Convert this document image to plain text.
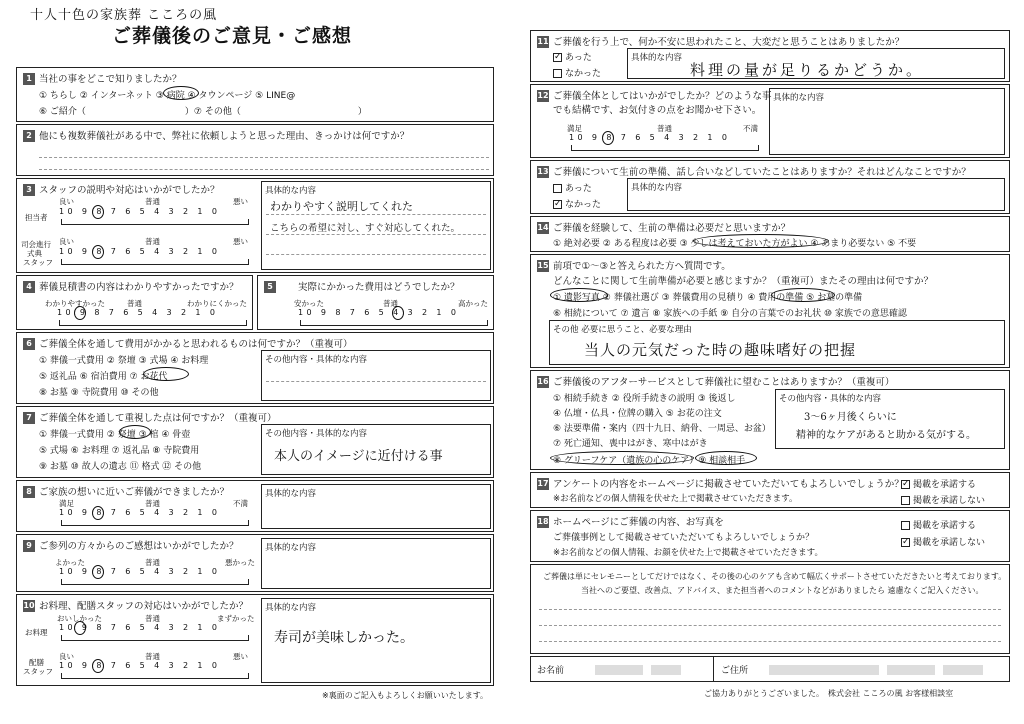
十人十色の家族葬 こころの風
ご葬儀後のご意見・ご感想
1 当社の事をどこで知りましたか？
① ちらし ② インターネット ③ 病院 ④ タウンページ ⑤ LINE@
⑥ ご紹介（　　　　　　　　　　　）⑦ その他（　　　　　　　　　　　　　）
2 他にも複数葬儀社がある中で、弊社に依頼しようと思った理由、きっかけは何ですか？
3 スタッフの説明や対応はいかがでしたか？
良い	普通	悪い
担当者
10 9 8 7 6 5 4 3 2 1 0
良い	普通	悪い
司会進行
式典
スタッフ
10 9 8 7 6 5 4 3 2 1 0
具体的な内容
わかりやすく説明してくれた
こちらの希望に対し、すぐ対応してくれた。
4 葬儀見積書の内容はわかりやすかったですか？
わかりやすかった	普通	わかりにくかった
10 9 8 7 6 5 4 3 2 1 0
5	実際にかかった費用はどうでしたか？
安かった	普通	高かった
10 9 8 7 6 5 4 3 2 1 0
6 ご葬儀全体を通して費用がかかると思われるものは何ですか？（重複可）
① 葬儀一式費用 ② 祭壇 ③ 式場 ④ お料理
⑤ 返礼品 ⑥ 宿泊費用 ⑦ お花代
⑧ お墓 ⑨ 寺院費用 ⑩ その他
その他内容・具体的な内容
7 ご葬儀全体を通して重視した点は何ですか？（重複可）
① 葬儀一式費用 ② 祭壇 ③ 棺 ④ 骨壺
⑤ 式場 ⑥ お料理 ⑦ 返礼品 ⑧ 寺院費用
⑨ お墓 ⑩ 故人の遺志 ⑪ 格式 ⑫ その他
その他内容・具体的な内容
本人のイメージに近付ける事
8 ご家族の想いに近いご葬儀ができましたか？
満足	普通	不満
10 9 8 7 6 5 4 3 2 1 0
具体的な内容
9 ご参列の方々からのご感想はいかがでしたか？
よかった	普通	悪かった
10 9 8 7 6 5 4 3 2 1 0
具体的な内容
10 お料理、配膳スタッフの対応はいかがでしたか？
おいしかった	普通	まずかった
お料理
10 9 8 7 6 5 4 3 2 1 0
良い	普通	悪い
配膳
スタッフ
10 9 8 7 6 5 4 3 2 1 0
具体的な内容
寿司が美味しかった。
※裏面のご記入もよろしくお願いいたします。
11 ご葬儀を行う上で、何か不安に思われたこと、大変だと思うことはありましたか？
✓ あった
なかった
具体的な内容
料理の量が足りるかどうか。
12 ご葬儀全体としてはいかがでしたか？どのような事
でも結構です、お気付きの点をお聞かせ下さい。
満足	普通	不満
10 9 8 7 6 5 4 3 2 1 0
具体的な内容
13 ご葬儀について生前の準備、話し合いなどしていたことはありますか？それはどんなことですか？
あった
✓ なかった
具体的な内容
14 ご葬儀を経験して、生前の準備は必要だと思いますか？
① 絶対必要 ② ある程度は必要 ③ 少しは考えておいた方がよい ④ あまり必要ない ⑤ 不要
15 前項で①～③と答えられた方へ質問です。
どんなことに関して生前準備が必要と感じますか？（重複可）またその理由は何ですか？
① 遺影写真 ② 葬儀社選び ③ 葬儀費用の見積り ④ 費用の準備 ⑤ お墓の準備
⑥ 相続について ⑦ 遺言 ⑧ 家族への手紙 ⑨ 自分の言葉でのお礼状 ⑩ 家族での意思確認
その他 必要に思うこと、必要な理由
当人の元気だった時の趣味嗜好の把握
16 ご葬儀後のアフターサービスとして葬儀社に望むことはありますか？（重複可）
① 相続手続き ② 役所手続きの説明 ③ 後返し
④ 仏壇・仏具・位牌の購入 ⑤ お花の注文
⑥ 法要準備・案内（四十九日、納骨、一周忌、お盆）
⑦ 死亡通知、喪中はがき、寒中はがき
⑧ グリーフケア（遺族の心のケア）⑨ 相談相手
その他内容・具体的な内容
3～6ヶ月後くらいに
精神的なケアがあると助かる気がする。
17 アンケートの内容をホームページに掲載させていただいてもよろしいでしょうか？
※お名前などの個人情報を伏せた上で掲載させていただきます。
✓ 掲載を承諾する
掲載を承諾しない
18 ホームページにご葬儀の内容、お写真を
ご葬儀事例として掲載させていただいてもよろしいでしょうか？
※お名前などの個人情報、お顔を伏せた上で掲載させていただきます。
掲載を承諾する
✓ 掲載を承諾しない
ご葬儀は単にセレモニーとしてだけではなく、その後の心のケアも含めて幅広くサポートさせていただきたいと考えております。
当社へのご要望、改善点、アドバイス、また担当者へのコメントなどがありましたら 遠慮なくご記入ください。
お名前	ご住所
ご協力ありがとうございました。　株式会社 こころの風 お客様相談室
